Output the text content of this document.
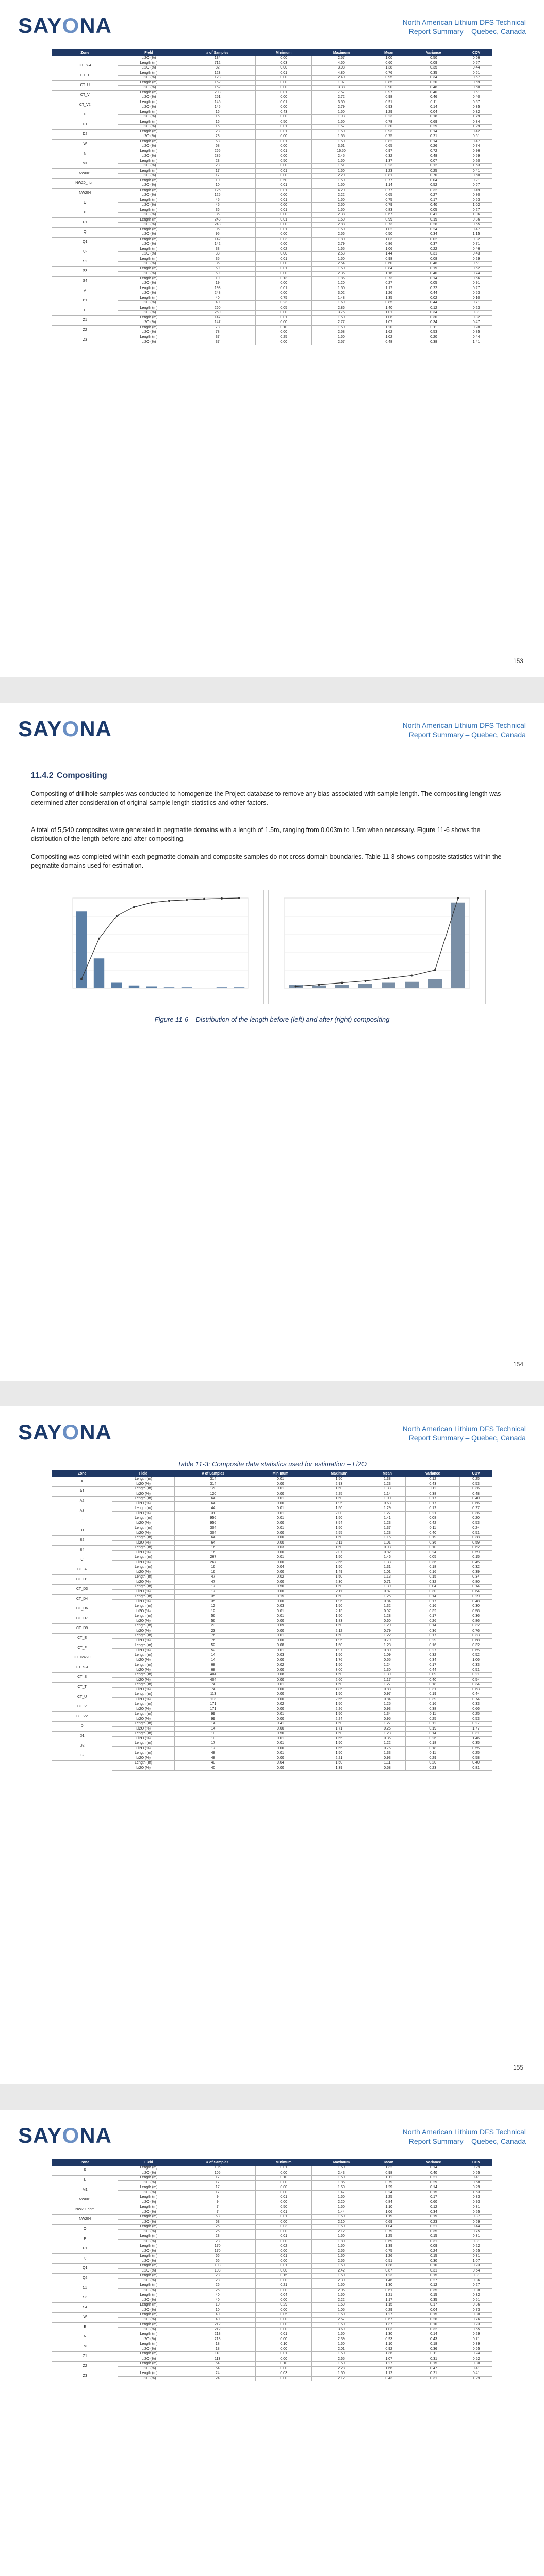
SAYONA	North American Lithium DFS Technical
Report Summary – Quebec, Canada
Zone	Field	# of Samples	Minimum	Maximum	Mean	Variance	COV
	Li2O (%)	134	0.00	2.57	1.00	0.50	0.66
CT_S-4	Length (m)	712	0.03	4.50	0.60	0.09	0.57
	Li2O (%)	82	0.00	3.08	1.38	0.35	0.44
CT_T	Length (m)	123	0.01	4.80	0.76	0.35	0.61
	Li2O (%)	123	0.00	2.40	0.95	0.34	0.67
CT_U	Length (m)	162	0.00	1.97	0.85	0.20	0.69
	Li2O (%)	162	0.00	3.38	0.90	0.48	0.60
CT_V	Length (m)	203	0.01	7.57	0.97	0.40	0.61
	Li2O (%)	251	0.00	2.72	0.98	0.46	0.40
CT_V2	Length (m)	145	0.01	3.50	0.91	0.11	0.57
	Li2O (%)	145	0.00	2.79	0.93	0.14	0.35
D	Length (m)	16	0.43	1.50	1.29	0.04	0.32
	Li2O (%)	16	0.00	1.93	0.23	0.18	1.79
D1	Length (m)	16	0.50	1.50	0.78	0.69	0.34
	Li2O (%)	16	0.01	1.57	0.30	0.29	1.29
D2	Length (m)	23	0.01	1.50	0.93	0.14	0.42
	Li2O (%)	23	0.00	1.55	0.75	0.21	0.61
W	Length (m)	68	0.01	1.50	0.82	0.14	0.47
	Li2O (%)	68	0.00	3.51	0.65	0.26	0.74
N	Length (m)	265	0.01	16.50	0.97	0.72	0.96
	Li2O (%)	285	0.00	2.45	0.32	0.48	0.59
M1	Length (m)	23	0.50	1.50	1.37	0.07	0.20
	Li2O (%)	23	0.00	1.51	0.23	0.12	1.63
NW001	Length (m)	17	0.01	1.50	1.23	0.25	0.41
	Li2O (%)	17	0.00	2.20	0.81	0.70	0.60
NW20_hbm	Length (m)	10	0.50	1.50	0.77	0.04	0.21
	Li2O (%)	10	0.01	1.50	1.14	0.52	0.67
NW204	Length (m)	125	0.01	4.20	0.77	0.32	0.49
	Li2O (%)	125	0.00	2.22	0.65	0.27	0.80
O	Length (m)	45	0.01	1.50	0.75	0.17	0.53
	Li2O (%)	45	0.00	2.50	0.79	0.40	1.02
P	Length (m)	36	0.01	1.50	0.83	0.05	0.27
	Li2O (%)	36	0.00	2.38	0.67	0.41	1.06
P1	Length (m)	243	0.01	1.50	0.99	0.19	0.36
	Li2O (%)	243	0.00	2.88	0.73	0.26	0.65
Q	Length (m)	95	0.01	1.50	1.02	0.24	0.47
	Li2O (%)	95	0.00	2.56	0.50	0.34	1.15
Q1	Length (m)	142	0.03	1.80	1.03	0.02	0.32
	Li2O (%)	142	0.00	2.79	0.86	0.37	0.71
Q2	Length (m)	33	0.02	1.65	1.06	0.22	0.46
	Li2O (%)	33	0.00	2.53	1.44	0.31	0.43
S2	Length (m)	35	0.01	1.50	0.98	0.08	0.29
	Li2O (%)	35	0.00	2.54	0.60	0.46	0.61
S3	Length (m)	69	0.01	1.50	0.84	0.19	0.52
	Li2O (%)	69	0.00	2.36	1.16	0.40	0.74
S4	Length (m)	19	0.13	1.86	0.73	0.14	0.56
	Li2O (%)	19	0.00	1.20	0.27	0.05	0.91
A	Length (m)	198	0.01	1.50	1.17	0.22	0.27
	Li2O (%)	248	0.00	3.02	1.26	0.44	0.53
B1	Length (m)	40	0.75	1.48	1.35	0.02	0.10
	Li2O (%)	40	0.23	1.69	0.85	0.44	0.71
E	Length (m)	260	0.05	2.86	1.40	0.12	0.23
	Li2O (%)	260	0.00	3.75	1.01	0.34	0.81
Z1	Length (m)	147	0.01	1.50	1.06	0.30	0.32
	Li2O (%)	147	0.00	2.77	1.07	0.34	0.47
Z2	Length (m)	78	0.10	1.50	1.20	0.11	0.28
	Li2O (%)	78	0.00	2.58	1.62	0.53	0.85
Z3	Length (m)	37	0.25	1.50	1.02	0.20	0.44
	Li2O (%)	37	0.00	2.57	0.48	0.38	1.41
153
SAYONA	North American Lithium DFS Technical
Report Summary – Quebec, Canada
11.4.2 Compositing
Compositing of drillhole samples was conducted to homogenize the Project database to remove any bias associated with sample length. The compositing length was determined after consideration of original sample length statistics and other factors.
A total of 5,540 composites were generated in pegmatite domains with a length of 1.5m, ranging from 0.003m to 1.5m when necessary. Figure 11-6 shows the distribution of the length before and after compositing.
Compositing was completed within each pegmatite domain and composite samples do not cross domain boundaries. Table 11-3 shows composite statistics within the pegmatite domains used for estimation.
Figure 11-6 – Distribution of the length before (left) and after (right) compositing
154
SAYONA	North American Lithium DFS Technical
Report Summary – Quebec, Canada
Table 11-3: Composite data statistics used for estimation – Li2O
Zone	Field	# of Samples	Minimum	Maximum	Mean	Variance	COV
A	Length (m)	314	0.01	1.50	1.38	0.12	0.25
	Li2O (%)	314	0.00	2.93	1.23	0.43	0.53
A1	Length (m)	120	0.01	1.50	1.33	0.11	0.36
	Li2O (%)	120	0.00	2.25	1.14	0.38	0.48
A2	Length (m)	64	0.01	1.50	1.00	0.17	0.40
	Li2O (%)	64	0.00	1.95	0.63	0.17	0.66
A3	Length (m)	44	0.01	1.50	1.29	0.12	0.27
	Li2O (%)	31	0.01	2.00	1.27	0.21	0.36
B	Length (m)	956	0.01	1.50	1.41	0.08	0.20
	Li2O (%)	956	0.00	3.54	1.23	0.42	0.53
B1	Length (m)	304	0.01	1.50	1.37	0.11	0.24
	Li2O (%)	304	0.00	2.55	1.23	0.40	0.51
B2	Length (m)	64	0.00	1.50	1.16	0.19	0.38
	Li2O (%)	64	0.00	2.11	1.01	0.36	0.59
B4	Length (m)	16	0.03	1.50	0.93	0.10	0.62
	Li2O (%)	16	0.00	2.07	0.82	0.24	0.59
C	Length (m)	267	0.01	1.50	1.46	0.05	0.15
	Li2O (%)	267	0.00	2.66	1.33	0.36	0.45
CT_A	Length (m)	16	0.04	1.50	1.31	0.18	0.32
	Li2O (%)	16	0.00	1.49	1.01	0.16	0.39
CT_D1	Length (m)	47	0.02	1.50	1.13	0.15	0.34
	Li2O (%)	47	0.00	2.30	0.71	0.32	0.80
CT_D3	Length (m)	17	0.50	1.50	1.39	0.04	0.14
	Li2O (%)	17	0.00	2.11	0.87	0.30	0.64
CT_D4	Length (m)	35	0.15	1.50	1.25	0.14	0.29
	Li2O (%)	35	0.00	1.96	0.84	0.17	0.48
CT_D6	Length (m)	12	0.03	1.50	1.32	0.16	0.30
	Li2O (%)	12	0.01	2.13	0.97	0.32	0.58
CT_D7	Length (m)	56	0.01	1.50	1.28	0.17	0.36
	Li2O (%)	56	0.00	1.83	0.60	0.26	0.86
CT_D9	Length (m)	23	0.09	1.50	1.20	0.14	0.32
	Li2O (%)	23	0.00	2.12	0.79	0.36	0.76
CT_E	Length (m)	76	0.01	1.50	1.22	0.17	0.33
	Li2O (%)	76	0.00	1.95	0.79	0.29	0.68
CT_F	Length (m)	52	0.08	1.50	1.28	0.16	0.32
	Li2O (%)	52	0.01	1.97	0.80	0.27	0.65
CT_NW20	Length (m)	14	0.03	1.50	1.09	0.32	0.52
	Li2O (%)	14	0.00	1.76	0.55	0.34	1.06
CT_S-4	Length (m)	68	0.02	1.50	1.24	0.17	0.33
	Li2O (%)	68	0.00	3.00	1.30	0.44	0.51
CT_S	Length (m)	404	0.08	1.50	1.39	0.09	0.21
	Li2O (%)	404	0.00	2.60	1.17	0.40	0.54
CT_T	Length (m)	74	0.01	1.50	1.27	0.18	0.34
	Li2O (%)	74	0.00	1.85	0.88	0.31	0.63
CT_U	Length (m)	113	0.00	1.50	0.97	0.19	0.44
	Li2O (%)	113	0.00	2.55	0.84	0.39	0.74
CT_V	Length (m)	171	0.02	1.50	1.25	0.16	0.33
	Li2O (%)	171	0.00	2.26	0.93	0.38	0.66
CT_V2	Length (m)	99	0.01	1.50	1.34	0.11	0.25
	Li2O (%)	99	0.00	2.24	0.95	0.25	0.53
D	Length (m)	14	0.41	1.50	1.27	0.12	0.27
	Li2O (%)	14	0.00	1.71	0.25	0.19	1.77
D1	Length (m)	10	0.50	1.50	1.23	0.14	0.31
	Li2O (%)	10	0.01	1.55	0.35	0.26	1.46
D2	Length (m)	17	0.01	1.50	1.22	0.18	0.35
	Li2O (%)	17	0.00	1.55	0.76	0.18	0.55
G	Length (m)	48	0.01	1.50	1.33	0.11	0.25
	Li2O (%)	48	0.00	2.21	0.93	0.29	0.58
H	Length (m)	40	0.04	1.50	1.11	0.20	0.40
	Li2O (%)	40	0.00	1.39	0.58	0.23	0.81
155
SAYONA	North American Lithium DFS Technical
Report Summary – Quebec, Canada
Zone	Field	# of Samples	Minimum	Maximum	Mean	Variance	COV
K	Length (m)	105	0.01	1.50	1.32	0.14	0.29
	Li2O (%)	105	0.00	2.43	0.98	0.40	0.65
L	Length (m)	17	0.10	1.50	1.11	0.21	0.41
	Li2O (%)	17	0.00	1.85	0.79	0.29	0.68
M1	Length (m)	17	0.00	1.50	1.29	0.14	0.29
	Li2O (%)	17	0.00	1.47	0.24	0.15	1.63
NW001	Length (m)	9	0.01	1.50	1.25	0.17	0.33
	Li2O (%)	9	0.00	2.20	0.84	0.60	0.93
NW20_hbm	Length (m)	7	0.50	1.50	1.10	0.12	0.31
	Li2O (%)	7	0.01	1.44	1.06	0.34	0.55
NW204	Length (m)	63	0.01	1.50	1.19	0.19	0.37
	Li2O (%)	63	0.00	2.10	0.69	0.23	0.69
O	Length (m)	25	0.03	1.50	1.04	0.21	0.44
	Li2O (%)	25	0.00	2.12	0.79	0.35	0.75
P	Length (m)	23	0.01	1.50	1.25	0.15	0.31
	Li2O (%)	23	0.00	1.80	0.69	0.31	0.81
P1	Length (m)	170	0.02	1.50	1.39	0.09	0.22
	Li2O (%)	170	0.00	2.56	0.75	0.24	0.65
Q	Length (m)	66	0.01	1.50	1.26	0.15	0.31
	Li2O (%)	66	0.00	2.56	0.51	0.30	1.07
Q1	Length (m)	103	0.01	1.50	1.38	0.10	0.23
	Li2O (%)	103	0.00	2.42	0.87	0.31	0.64
Q2	Length (m)	28	0.15	1.50	1.23	0.15	0.31
	Li2O (%)	28	0.00	2.30	1.46	0.27	0.36
S2	Length (m)	26	0.21	1.50	1.30	0.12	0.27
	Li2O (%)	26	0.00	2.06	0.61	0.35	0.98
S3	Length (m)	40	0.04	1.50	1.21	0.15	0.32
	Li2O (%)	40	0.00	2.22	1.17	0.35	0.51
S4	Length (m)	10	0.29	1.50	1.15	0.17	0.36
	Li2O (%)	10	0.00	1.05	0.29	0.04	0.73
W	Length (m)	40	0.05	1.50	1.27	0.15	0.30
	Li2O (%)	40	0.00	2.57	0.67	0.26	0.76
E	Length (m)	212	0.00	1.50	1.37	0.10	0.23
	Li2O (%)	212	0.00	3.69	1.03	0.32	0.55
N	Length (m)	218	0.01	1.50	1.30	0.14	0.29
	Li2O (%)	218	0.00	2.39	0.93	0.43	0.71
M	Length (m)	18	0.10	1.50	1.10	0.18	0.39
	Li2O (%)	18	0.00	2.01	0.92	0.36	0.65
Z1	Length (m)	113	0.01	1.50	1.36	0.11	0.24
	Li2O (%)	113	0.00	2.65	1.07	0.31	0.52
Z2	Length (m)	64	0.10	1.50	1.27	0.15	0.30
	Li2O (%)	64	0.00	2.28	1.66	0.47	0.41
Z3	Length (m)	24	0.03	1.50	1.12	0.21	0.41
	Li2O (%)	24	0.00	2.12	0.43	0.31	1.29
